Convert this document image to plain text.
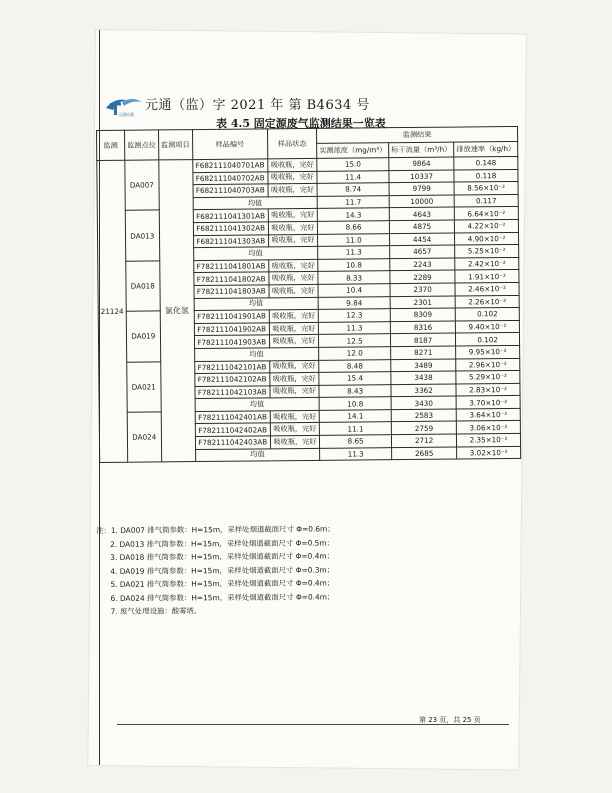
元通检测
元通（监）字 2021 年 第 B4634 号
表 4.5 固定源废气监测结果一览表
监测	监测点位	监测项目	样品编号	样品状态	监测结果		
					实测浓度（mg/m³）	标干流量（m³/h）	排放速率（kg/h）
21124	DA007	氯化氢	F682111040701AB	吸收瓶，完好	15.0	9864	0.148
			F682111040702AB	吸收瓶，完好	11.4	10337	0.118
			F682111040703AB	吸收瓶，完好	8.74	9799	8.56×10⁻²
			均值		11.7	10000	0.117
	DA013		F682111041301AB	吸收瓶，完好	14.3	4643	6.64×10⁻²
			F682111041302AB	吸收瓶，完好	8.66	4875	4.22×10⁻²
			F682111041303AB	吸收瓶，完好	11.0	4454	4.90×10⁻²
			均值		11.3	4657	5.25×10⁻²
	DA018		F782111041801AB	吸收瓶，完好	10.8	2243	2.42×10⁻²
			F782111041802AB	吸收瓶，完好	8.33	2289	1.91×10⁻²
			F782111041803AB	吸收瓶，完好	10.4	2370	2.46×10⁻²
			均值		9.84	2301	2.26×10⁻²
	DA019		F782111041901AB	吸收瓶，完好	12.3	8309	0.102
			F782111041902AB	吸收瓶，完好	11.3	8316	9.40×10⁻²
			F782111041903AB	吸收瓶，完好	12.5	8187	0.102
			均值		12.0	8271	9.95×10⁻²
	DA021		F782111042101AB	吸收瓶，完好	8.48	3489	2.96×10⁻²
			F782111042102AB	吸收瓶，完好	15.4	3438	5.29×10⁻²
			F782111042103AB	吸收瓶，完好	8.43	3362	2.83×10⁻²
			均值		10.8	3430	3.70×10⁻²
	DA024		F782111042401AB	吸收瓶，完好	14.1	2583	3.64×10⁻²
			F782111042402AB	吸收瓶，完好	11.1	2759	3.06×10⁻²
			F782111042403AB	吸收瓶，完好	8.65	2712	2.35×10⁻²
			均值		11.3	2685	3.02×10⁻²
注：1. DA007 排气筒参数：H=15m，采样处烟道截面尺寸 Φ=0.6m；
2. DA013 排气筒参数：H=15m，采样处烟道截面尺寸 Φ=0.5m；
3. DA018 排气筒参数：H=15m，采样处烟道截面尺寸 Φ=0.4m；
4. DA019 排气筒参数：H=15m，采样处烟道截面尺寸 Φ=0.3m；
5. DA021 排气筒参数：H=15m，采样处烟道截面尺寸 Φ=0.4m；
6. DA024 排气筒参数：H=15m，采样处烟道截面尺寸 Φ=0.4m；
7. 废气处理设施：酸雾塔。
第 23 页，共 25 页
